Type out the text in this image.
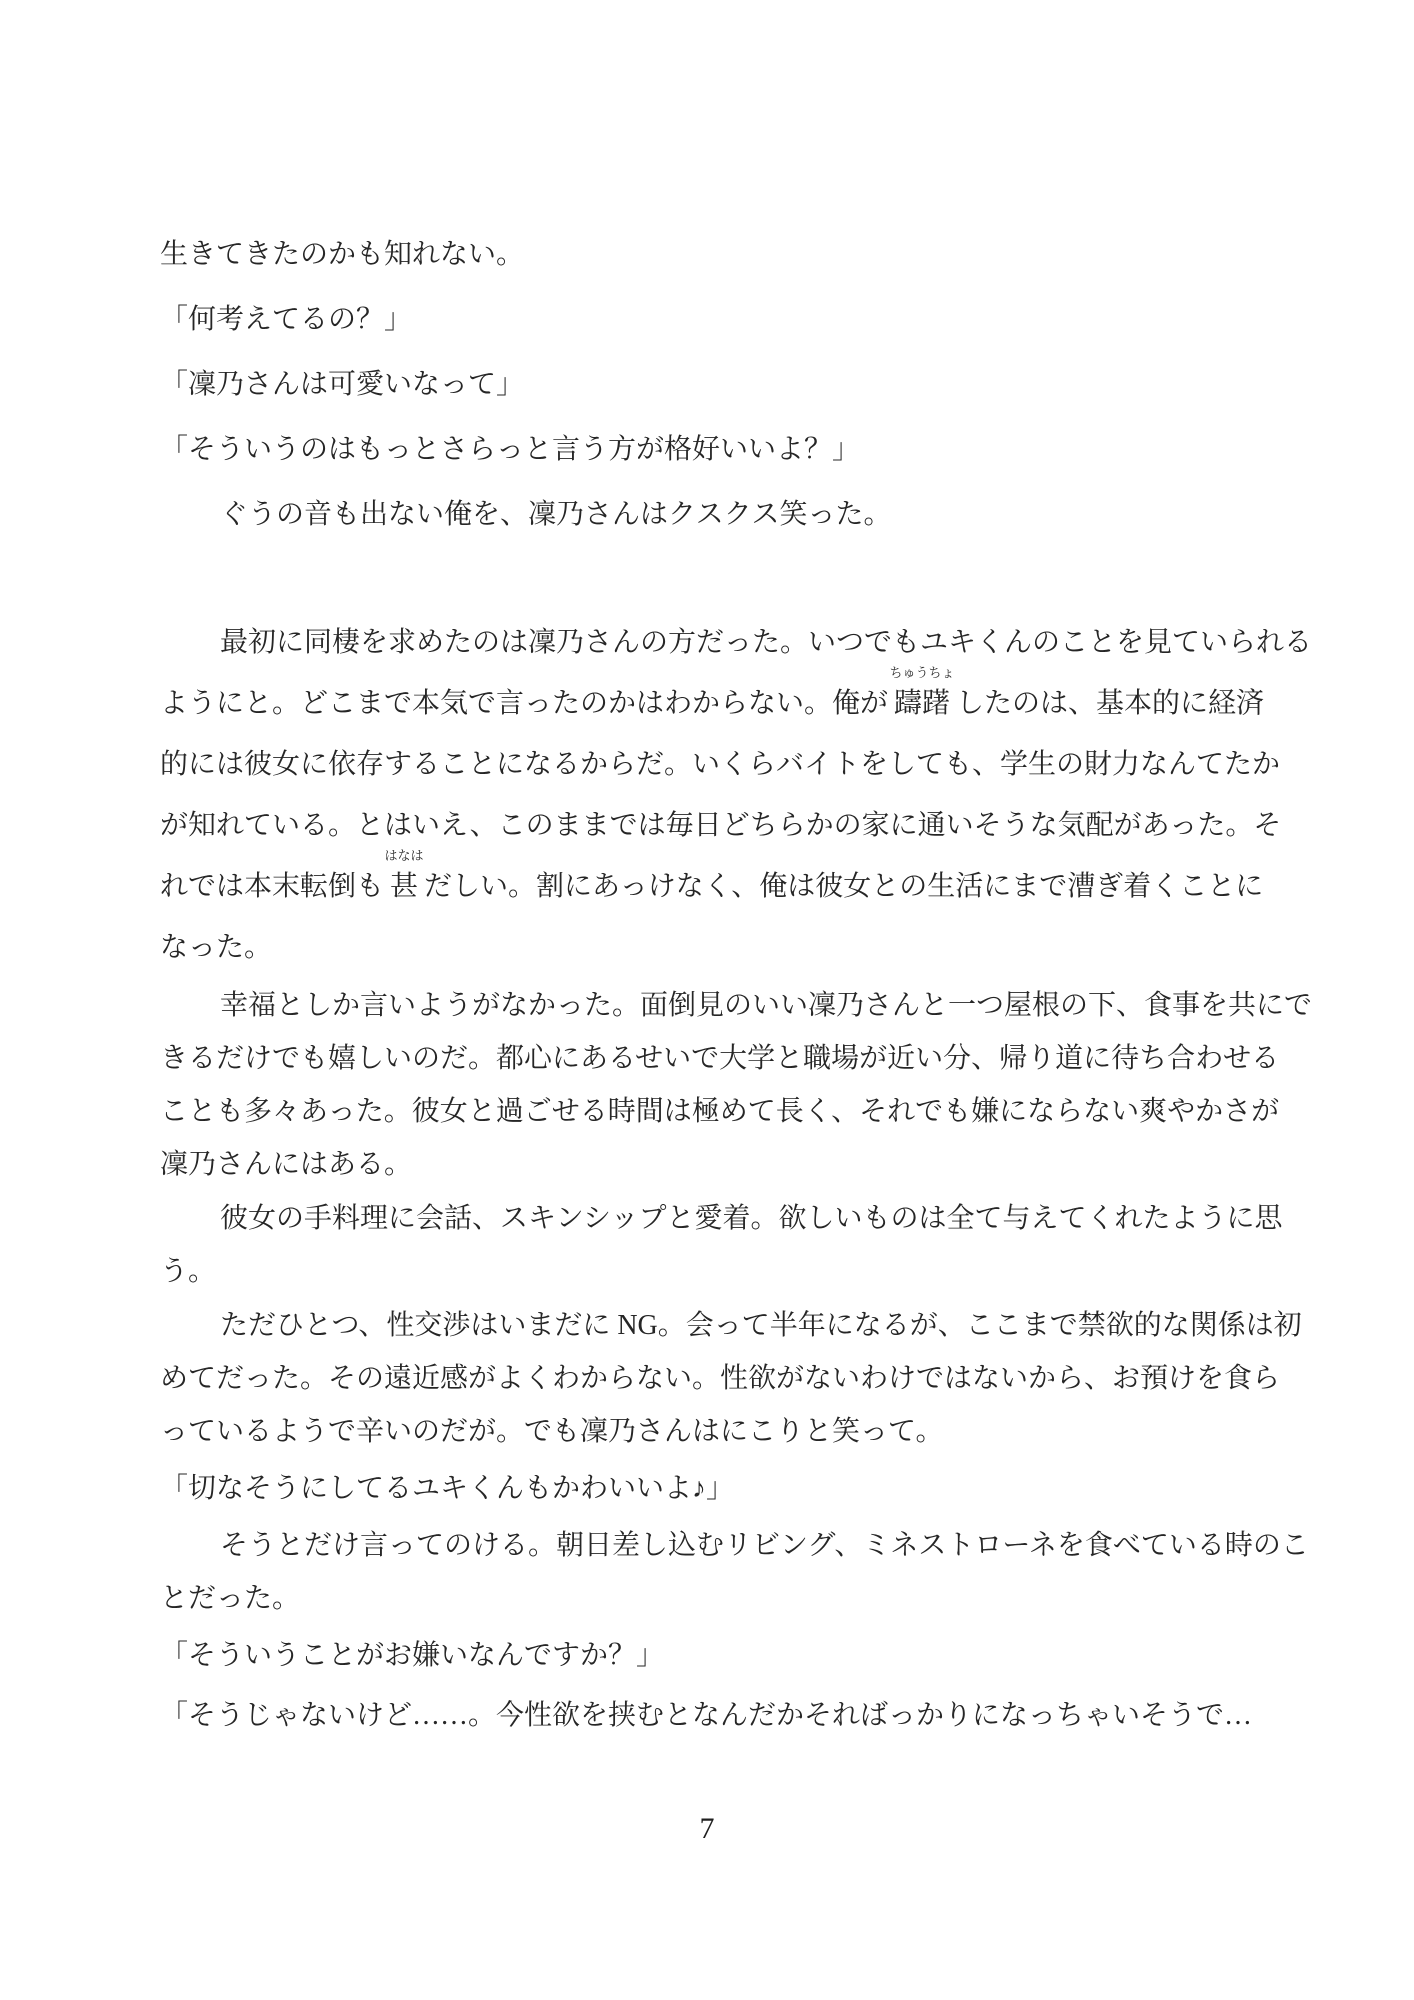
生きてきたのかも知れない。
「何考えてるの？」
「凜乃さんは可愛いなって」
「そういうのはもっとさらっと言う方が格好いいよ？」
ぐうの音も出ない俺を、凜乃さんはクスクス笑った。
最初に同棲を求めたのは凜乃さんの方だった。いつでもユキくんのことを見ていられる
ようにと。どこまで本気で言ったのかはわからない。俺が 躊躇
ちゅうちょ
したのは、基本的に経済
的には彼女に依存することになるからだ。いくらバイトをしても、学生の財力なんてたか
が知れている。とはいえ、このままでは毎日どちらかの家に通いそうな気配があった。そ
れでは本末転倒も 甚
はなは
だしい。割にあっけなく、俺は彼女との生活にまで漕ぎ着くことに
なった。
幸福としか言いようがなかった。面倒見のいい凜乃さんと一つ屋根の下、食事を共にで
きるだけでも嬉しいのだ。都心にあるせいで大学と職場が近い分、帰り道に待ち合わせる
ことも多々あった。彼女と過ごせる時間は極めて長く、それでも嫌にならない爽やかさが
凜乃さんにはある。
彼女の手料理に会話、スキンシップと愛着。欲しいものは全て与えてくれたように思
う。
ただひとつ、性交渉はいまだに NG。会って半年になるが、ここまで禁欲的な関係は初
めてだった。その遠近感がよくわからない。性欲がないわけではないから、お預けを食ら
っているようで辛いのだが。でも凜乃さんはにこりと笑って。
「切なそうにしてるユキくんもかわいいよ♪」
そうとだけ言ってのける。朝日差し込むリビング、ミネストローネを食べている時のこ
とだった。
「そういうことがお嫌いなんですか？」
「そうじゃないけど……。今性欲を挟むとなんだかそればっかりになっちゃいそうで…
7
